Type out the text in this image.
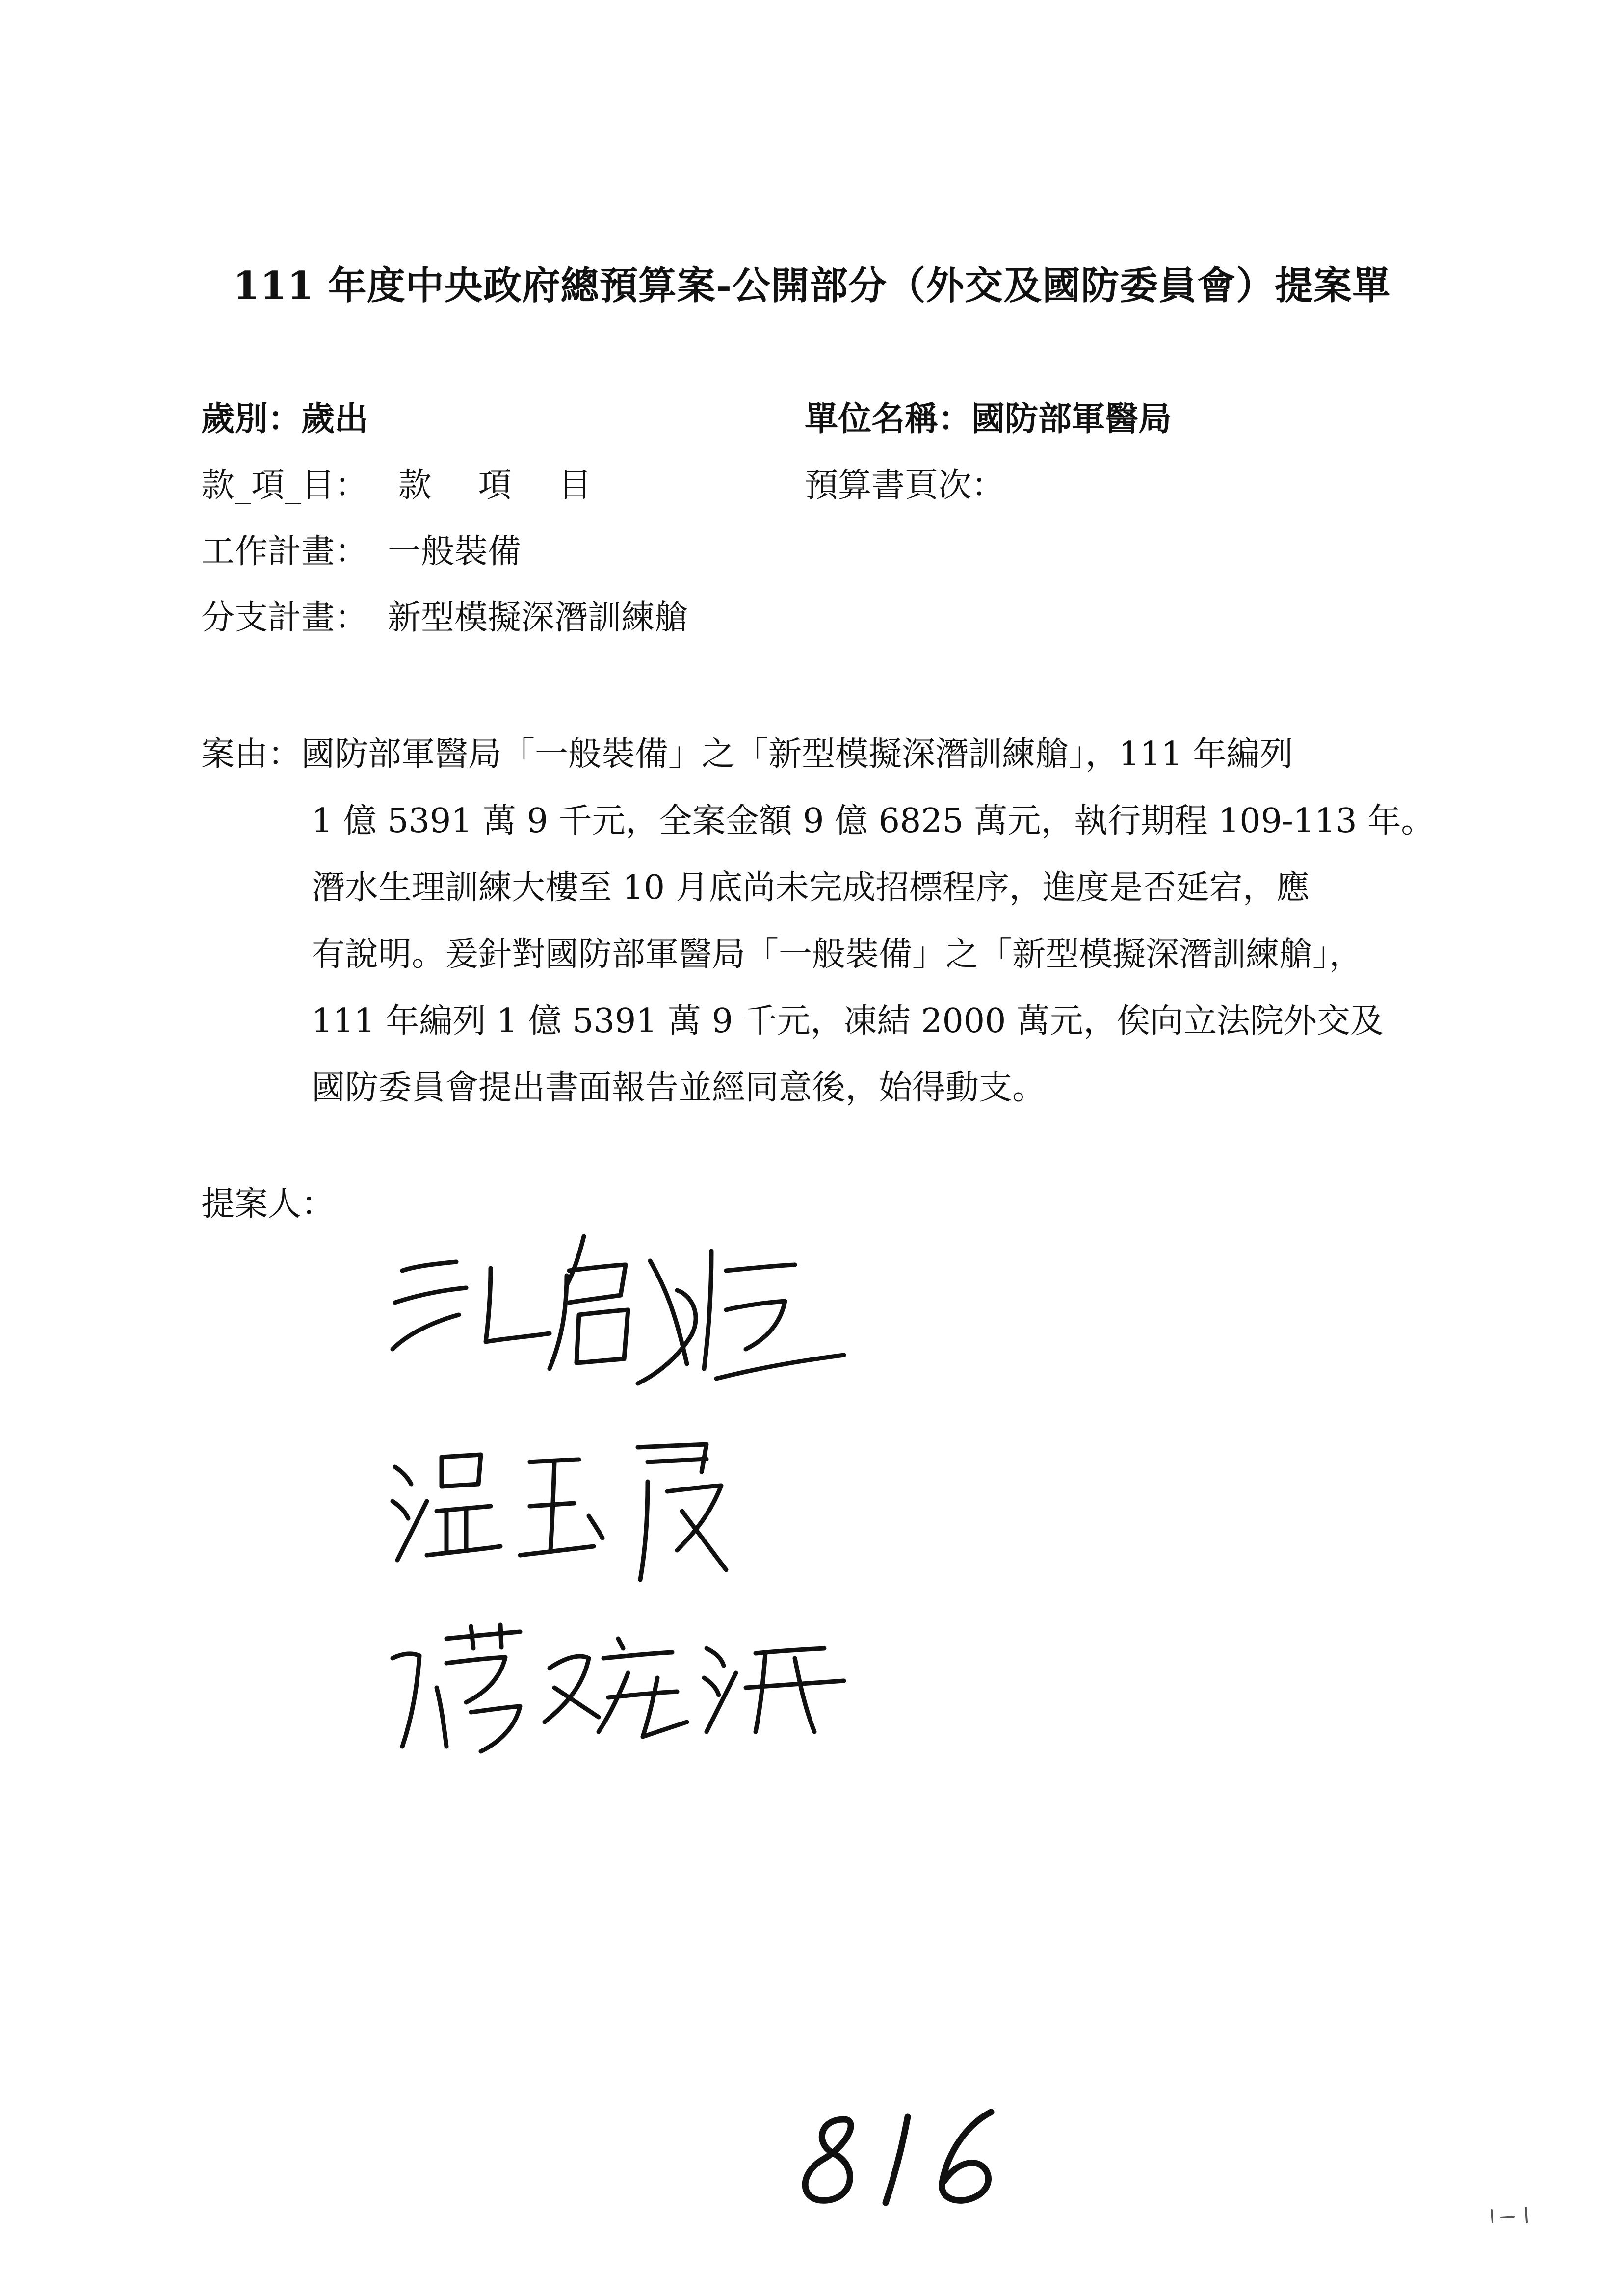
111 年度中央政府總預算案-公開部分（外交及國防委員會）提案單
歲別：歲出	單位名稱：國防部軍醫局
款_項_目： 款 項 目	預算書頁次：
工作計畫： 一般裝備
分支計畫： 新型模擬深潛訓練艙
案由：國防部軍醫局「一般裝備」之「新型模擬深潛訓練艙」，111 年編列
1 億 5391 萬 9 千元，全案金額 9 億 6825 萬元，執行期程 109-113 年。
潛水生理訓練大樓至 10 月底尚未完成招標程序，進度是否延宕，應
有說明。爰針對國防部軍醫局「一般裝備」之「新型模擬深潛訓練艙」，
111 年編列 1 億 5391 萬 9 千元，凍結 2000 萬元，俟向立法院外交及
國防委員會提出書面報告並經同意後，始得動支。
提案人：
